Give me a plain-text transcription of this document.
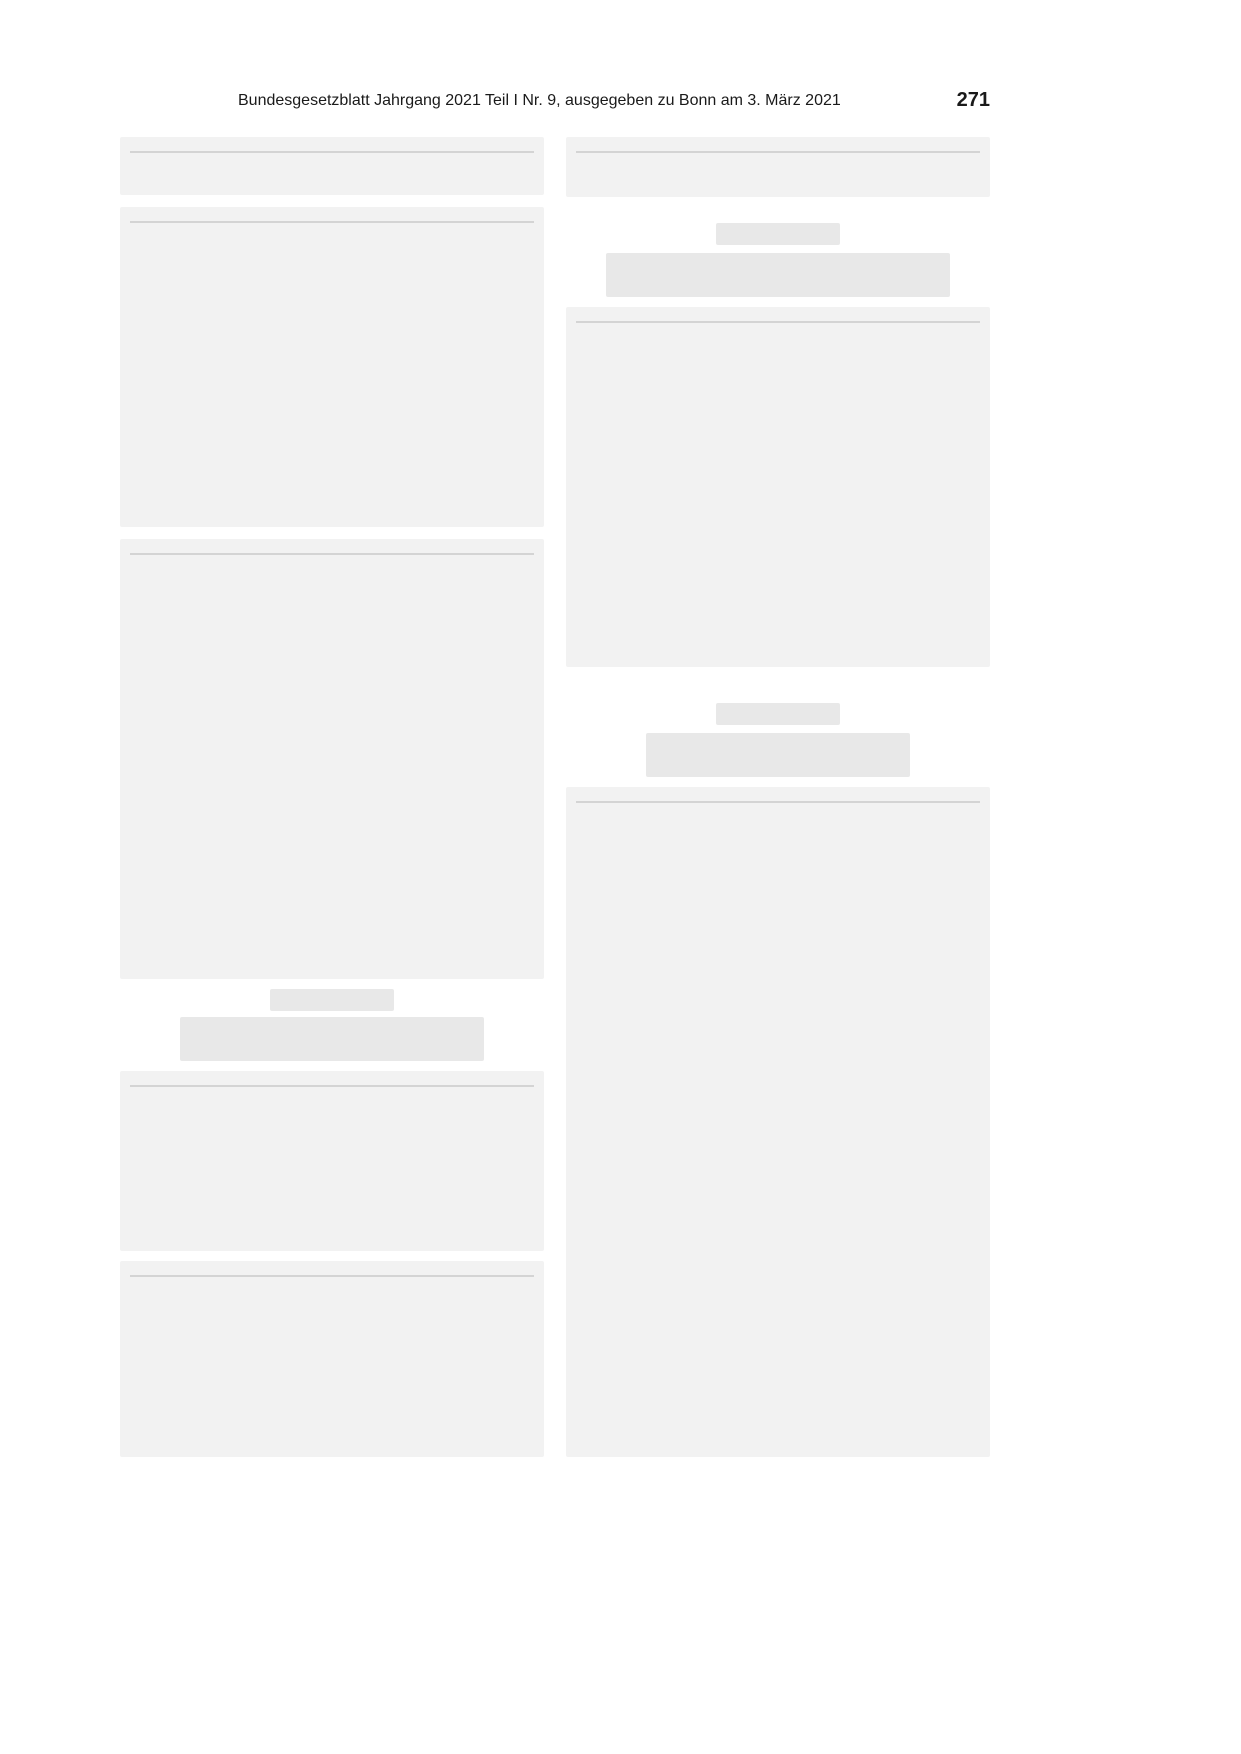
Bundesgesetzblatt Jahrgang 2021 Teil I Nr. 9, ausgegeben zu Bonn am 3. März 2021	271
